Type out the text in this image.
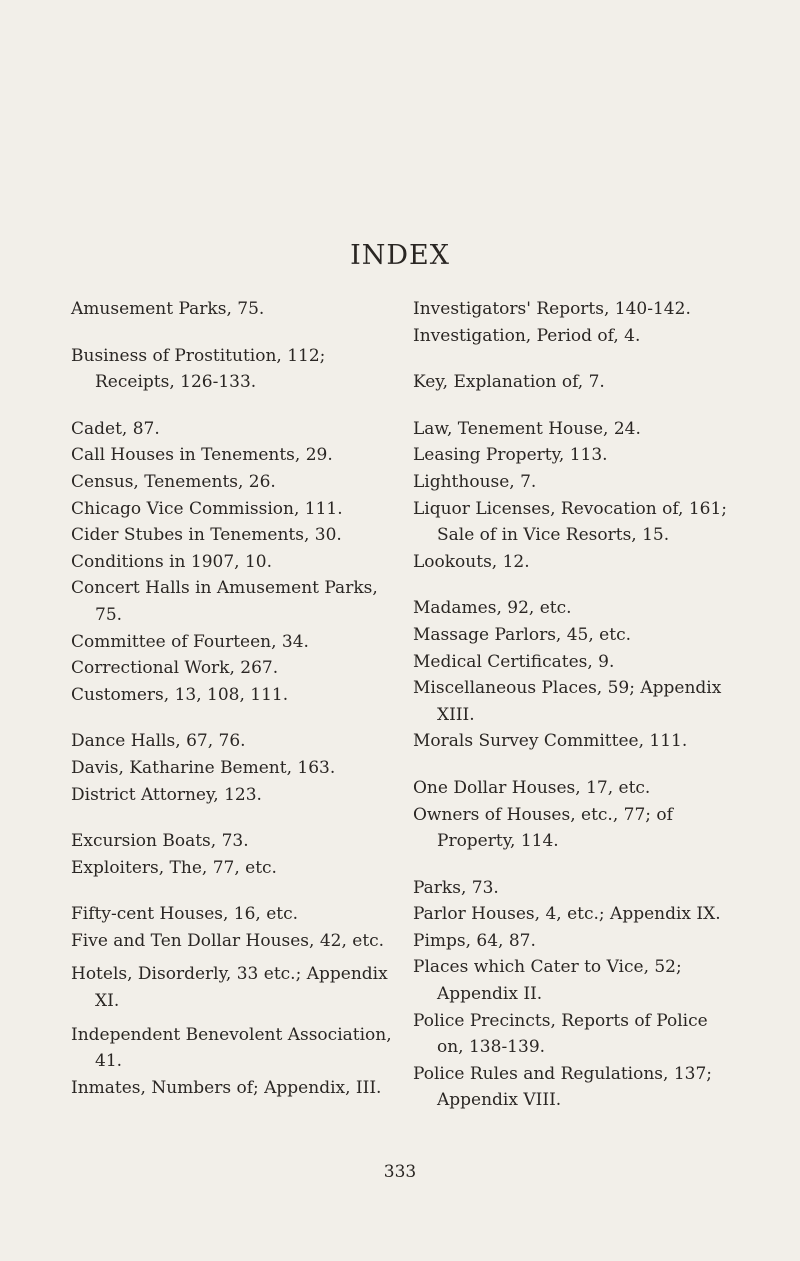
INDEX
Amusement Parks, 75.
Business of Prostitution, 112; Receipts, 126-133.
Cadet, 87.
Call Houses in Tenements, 29.
Census, Tenements, 26.
Chicago Vice Commission, 111.
Cider Stubes in Tenements, 30.
Conditions in 1907, 10.
Concert Halls in Amusement Parks, 75.
Committee of Fourteen, 34.
Correctional Work, 267.
Customers, 13, 108, 111.
Dance Halls, 67, 76.
Davis, Katharine Bement, 163.
District Attorney, 123.
Excursion Boats, 73.
Exploiters, The, 77, etc.
Fifty-cent Houses, 16, etc.
Five and Ten Dollar Houses, 42, etc.
Hotels, Disorderly, 33 etc.; Appendix XI.
Independent Benevolent Association, 41.
Inmates, Numbers of; Appendix, III.
Investigators' Reports, 140-142.
Investigation, Period of, 4.
Key, Explanation of, 7.
Law, Tenement House, 24.
Leasing Property, 113.
Lighthouse, 7.
Liquor Licenses, Revocation of, 161; Sale of in Vice Resorts, 15.
Lookouts, 12.
Madames, 92, etc.
Massage Parlors, 45, etc.
Medical Certificates, 9.
Miscellaneous Places, 59; Appendix XIII.
Morals Survey Committee, 111.
One Dollar Houses, 17, etc.
Owners of Houses, etc., 77; of Property, 114.
Parks, 73.
Parlor Houses, 4, etc.; Appendix IX.
Pimps, 64, 87.
Places which Cater to Vice, 52; Appendix II.
Police Precincts, Reports of Police on, 138-139.
Police Rules and Regulations, 137; Appendix VIII.
333
